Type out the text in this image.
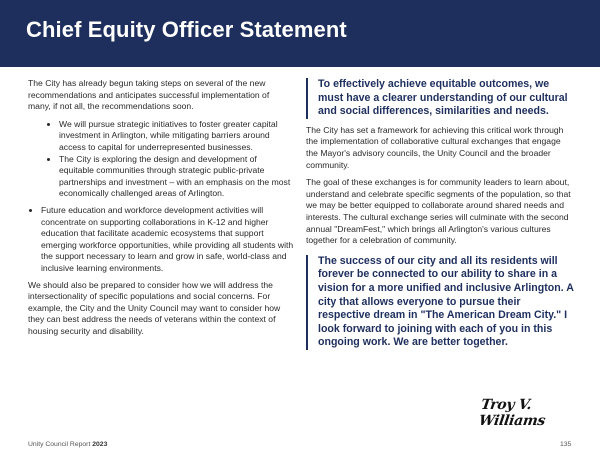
Chief Equity Officer Statement

The City has already begun taking steps on several of the new recommendations and anticipates successful implementation of many, if not all, the recommendations soon.

• We will pursue strategic initiatives to foster greater capital investment in Arlington, while mitigating barriers around access to capital for underrepresented businesses.
• The City is exploring the design and development of equitable communities through strategic public-private partnerships and investment – with an emphasis on the most economically challenged areas of Arlington.
• Future education and workforce development activities will concentrate on supporting collaborations in K-12 and higher education that facilitate academic ecosystems that support emerging workforce opportunities, while providing all students with the support necessary to learn and grow in safe, world-class and inclusive learning environments.

We should also be prepared to consider how we will address the intersectionality of specific populations and social concerns. For example, the City and the Unity Council may want to consider how they can best address the needs of veterans within the context of housing security and disability.

To effectively achieve equitable outcomes, we must have a clearer understanding of our cultural and social differences, similarities and needs.

The City has set a framework for achieving this critical work through the implementation of collaborative cultural exchanges that engage the Mayor's advisory councils, the Unity Council and the broader community.

The goal of these exchanges is for community leaders to learn about, understand and celebrate specific segments of the population, so that we may be better equipped to collaborate around shared needs and interests. The cultural exchange series will culminate with the second annual "DreamFest," which brings all Arlington's various cultures together for a celebration of community.

The success of our city and all its residents will forever be connected to our ability to share in a vision for a more unified and inclusive Arlington. A city that allows everyone to pursue their respective dream in "The American Dream City." I look forward to joining with each of you in this ongoing work. We are better together.
Troy V. Williams
Unity Council Report 2023	135
